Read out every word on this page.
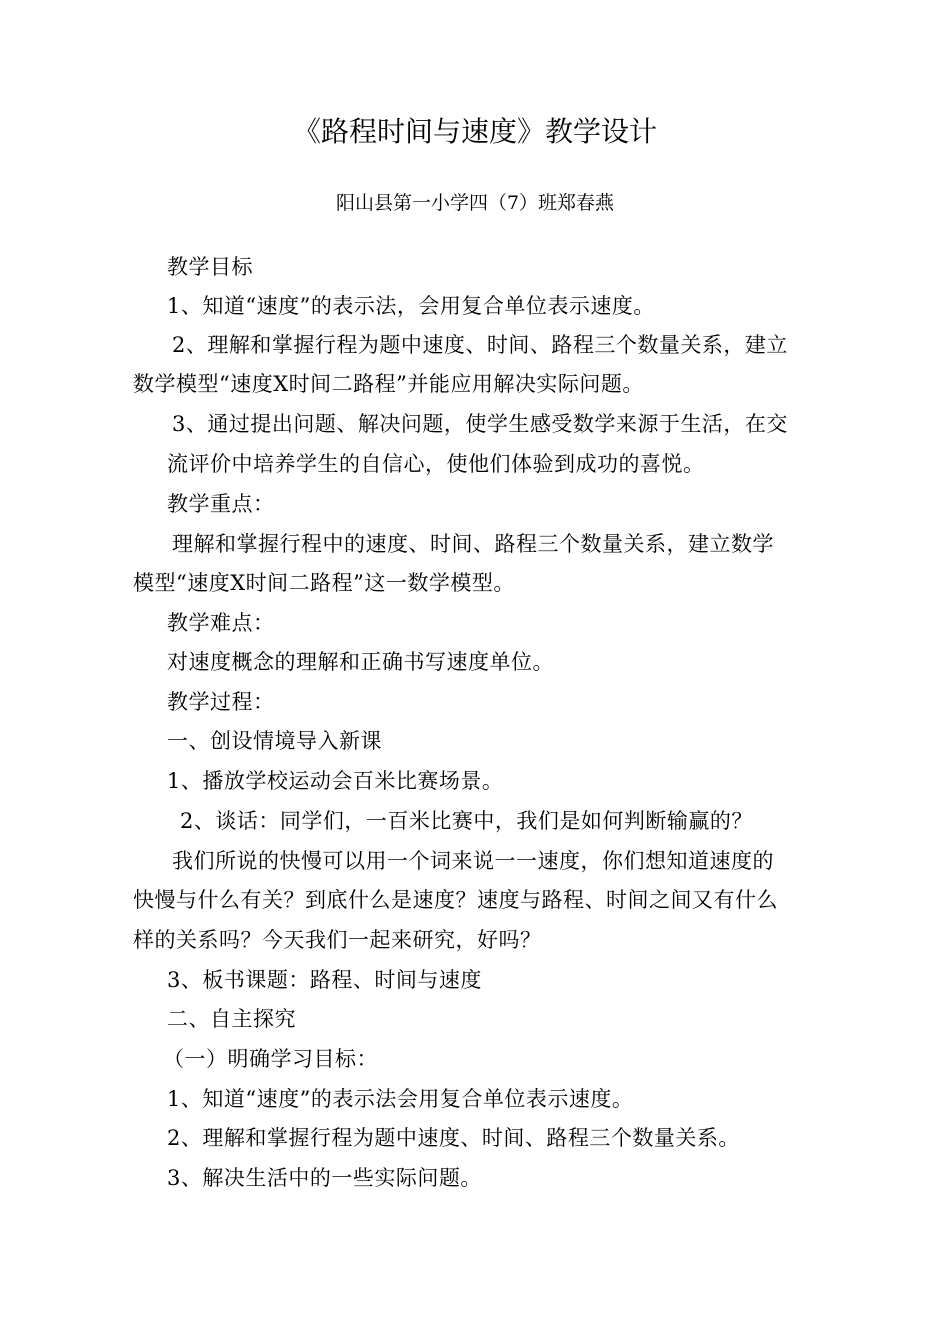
《路程时间与速度》教学设计
阳山县第一小学四（7）班郑春燕
教学目标
1、知道“速度”的表示法，会用复合单位表示速度。
2、理解和掌握行程为题中速度、时间、路程三个数量关系，建立
数学模型“速度X时间二路程”并能应用解决实际问题。
3、通过提出问题、解决问题，使学生感受数学来源于生活，在交
流评价中培养学生的自信心，使他们体验到成功的喜悦。
教学重点：
理解和掌握行程中的速度、时间、路程三个数量关系，建立数学
模型“速度X时间二路程”这一数学模型。
教学难点：
对速度概念的理解和正确书写速度单位。
教学过程：
一、创设情境导入新课
1、播放学校运动会百米比赛场景。
2、谈话：同学们，一百米比赛中，我们是如何判断输赢的？
我们所说的快慢可以用一个词来说一一速度，你们想知道速度的
快慢与什么有关？到底什么是速度？速度与路程、时间之间又有什么
样的关系吗？今天我们一起来研究，好吗？
3、板书课题：路程、时间与速度
二、自主探究
（一）明确学习目标：
1、知道“速度”的表示法会用复合单位表示速度。
2、理解和掌握行程为题中速度、时间、路程三个数量关系。
3、解决生活中的一些实际问题。
